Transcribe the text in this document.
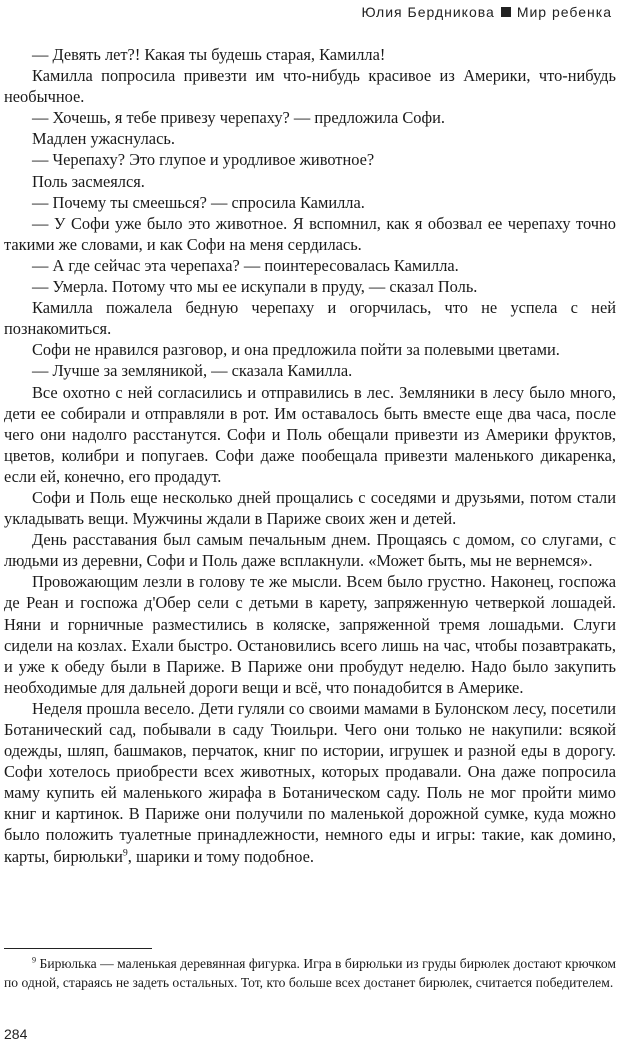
Юлия Бердникова Мир ребенка

— Девять лет?! Какая ты будешь старая, Камилла!

Камилла попросила привезти им что-нибудь красивое из Америки, что-нибудь необычное.

— Хочешь, я тебе привезу черепаху? — предложила Софи.

Мадлен ужаснулась.

— Черепаху? Это глупое и уродливое животное?

Поль засмеялся.

— Почему ты смеешься? — спросила Камилла.

— У Софи уже было это животное. Я вспомнил, как я обозвал ее черепаху точно такими же словами, и как Софи на меня сердилась.

— А где сейчас эта черепаха? — поинтересовалась Камилла.

— Умерла. Потому что мы ее искупали в пруду, — сказал Поль.

Камилла пожалела бедную черепаху и огорчилась, что не успела с ней познакомиться.

Софи не нравился разговор, и она предложила пойти за полевыми цветами.

— Лучше за земляникой, — сказала Камилла.

Все охотно с ней согласились и отправились в лес. Земляники в лесу было много, дети ее собирали и отправляли в рот. Им оставалось быть вместе еще два часа, после чего они надолго расстанутся. Софи и Поль обещали привезти из Америки фруктов, цветов, колибри и попугаев. Софи даже пообещала привезти маленького дикаренка, если ей, конечно, его продадут.

Софи и Поль еще несколько дней прощались с соседями и друзьями, потом стали укладывать вещи. Мужчины ждали в Париже своих жен и детей.

День расставания был самым печальным днем. Прощаясь с домом, со слугами, с людьми из деревни, Софи и Поль даже всплакнули. «Может быть, мы не вернемся».

Провожающим лезли в голову те же мысли. Всем было грустно. Наконец, госпожа де Реан и госпожа д'Обер сели с детьми в карету, запряженную четверкой лошадей. Няни и горничные разместились в коляске, запряженной тремя лошадьми. Слуги сидели на козлах. Ехали быстро. Остановились всего лишь на час, чтобы позавтракать, и уже к обеду были в Париже. В Париже они пробудут неделю. Надо было закупить необходимые для дальней дороги вещи и всё, что понадобится в Америке.

Неделя прошла весело. Дети гуляли со своими мамами в Булонском лесу, посетили Ботанический сад, побывали в саду Тюильри. Чего они только не накупили: всякой одежды, шляп, башмаков, перчаток, книг по истории, игрушек и разной еды в дорогу. Софи хотелось приобрести всех животных, которых продавали. Она даже попросила маму купить ей маленького жирафа в Ботаническом саду. Поль не мог пройти мимо книг и картинок. В Париже они получили по маленькой дорожной сумке, куда можно было положить туалетные принадлежности, немного еды и игры: такие, как домино, карты, бирюльки$^9$, шарики и тому подобное.

$^9$ Бирюлька — маленькая деревянная фигурка. Игра в бирюльки из груды бирюлек достают крючком по одной, стараясь не задеть остальных. Тот, кто больше всех достанет бирюлек, считается победителем.

284
